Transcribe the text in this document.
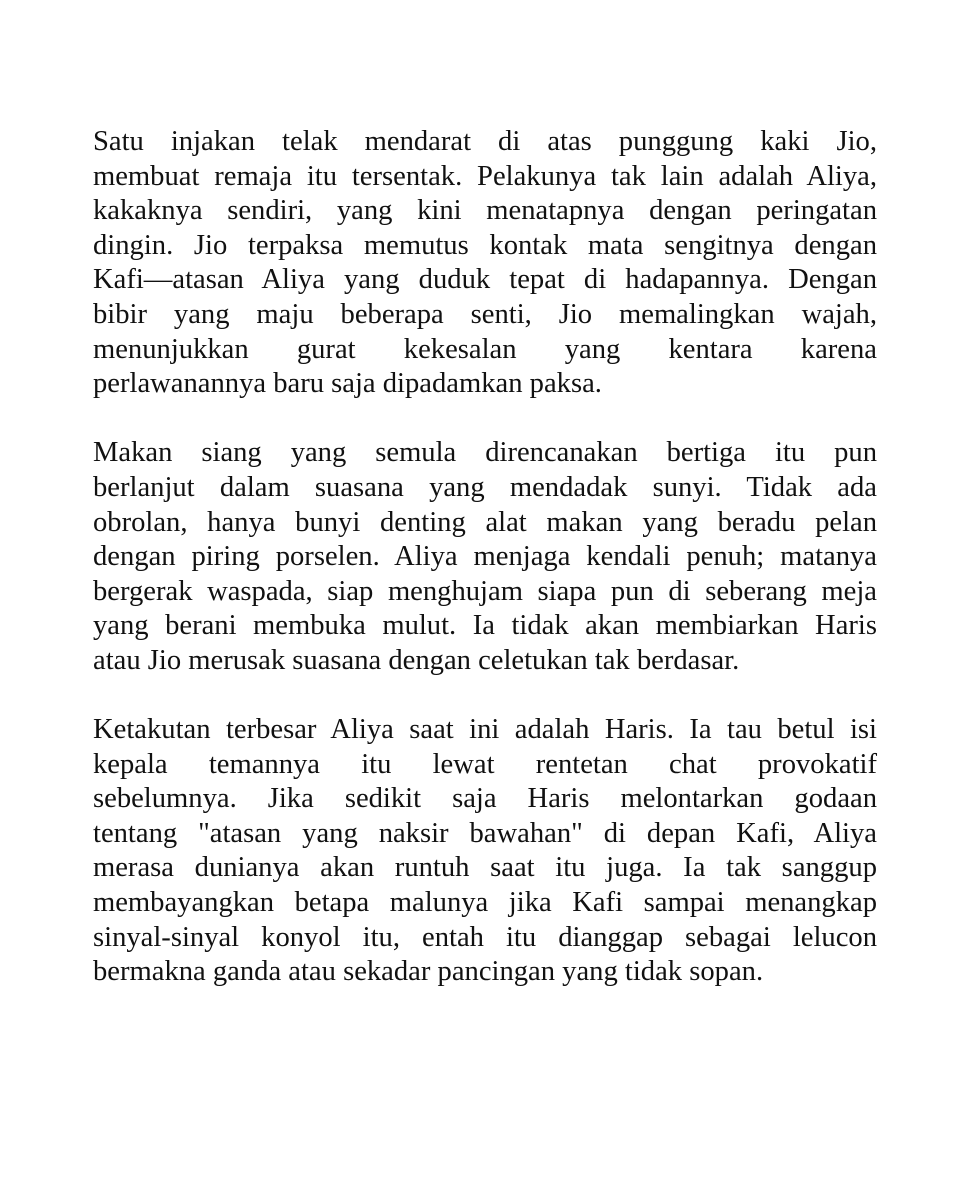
Satu injakan telak mendarat di atas punggung kaki Jio,
membuat remaja itu tersentak. Pelakunya tak lain adalah Aliya,
kakaknya sendiri, yang kini menatapnya dengan peringatan
dingin. Jio terpaksa memutus kontak mata sengitnya dengan
Kafi—atasan Aliya yang duduk tepat di hadapannya. Dengan
bibir yang maju beberapa senti, Jio memalingkan wajah,
menunjukkan gurat kekesalan yang kentara karena
perlawanannya baru saja dipadamkan paksa.
Makan siang yang semula direncanakan bertiga itu pun
berlanjut dalam suasana yang mendadak sunyi. Tidak ada
obrolan, hanya bunyi denting alat makan yang beradu pelan
dengan piring porselen. Aliya menjaga kendali penuh; matanya
bergerak waspada, siap menghujam siapa pun di seberang meja
yang berani membuka mulut. Ia tidak akan membiarkan Haris
atau Jio merusak suasana dengan celetukan tak berdasar.
Ketakutan terbesar Aliya saat ini adalah Haris. Ia tau betul isi
kepala temannya itu lewat rentetan chat provokatif
sebelumnya. Jika sedikit saja Haris melontarkan godaan
tentang "atasan yang naksir bawahan" di depan Kafi, Aliya
merasa dunianya akan runtuh saat itu juga. Ia tak sanggup
membayangkan betapa malunya jika Kafi sampai menangkap
sinyal-sinyal konyol itu, entah itu dianggap sebagai lelucon
bermakna ganda atau sekadar pancingan yang tidak sopan.
